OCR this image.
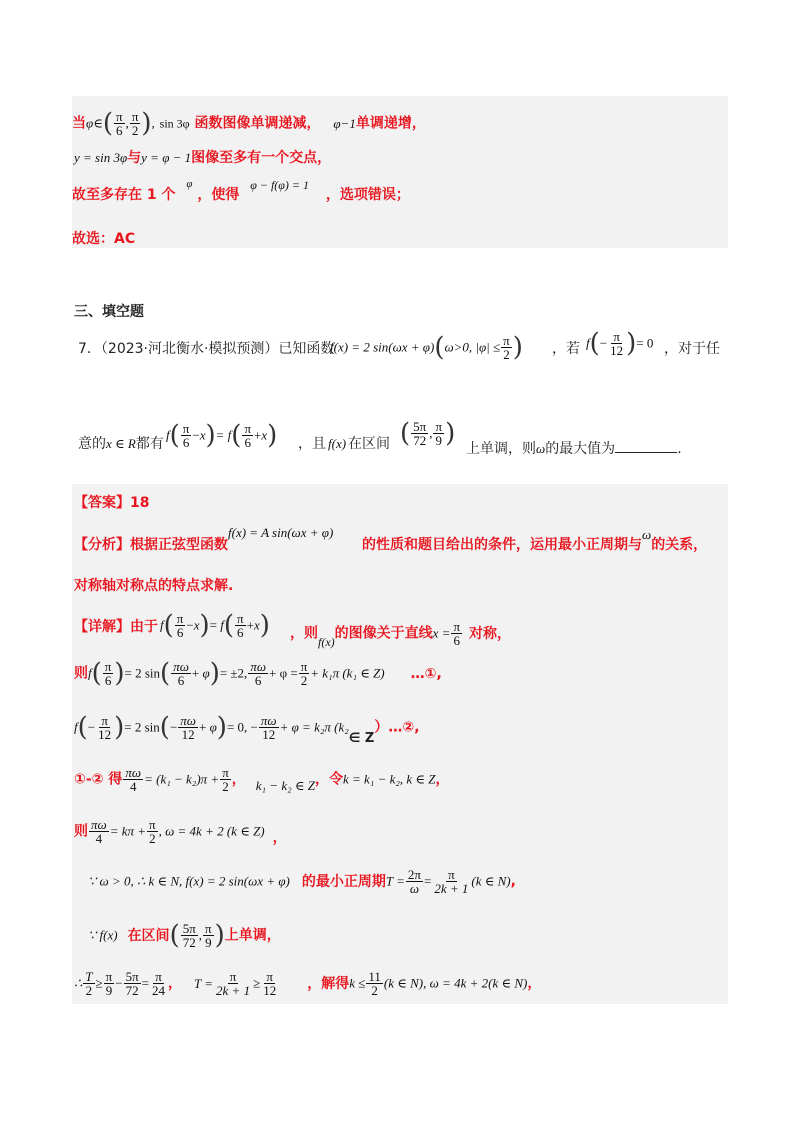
当φ∈( $\frac{\pi}{6}$ , $\frac{\pi}{2}$ ), sin 3φ 函数图像单调递减， φ−1单调递增，
y = sin 3φ与y = φ − 1图像至多有一个交点，
故至多存在 1 个 $^\varphi$ ，使得 φ − f(φ) = 1 ，选项错误；
故选：AC
三、填空题
7．（2023·河北衡水·模拟预测）已知函数
f(x) = 2 sin(ωx + φ)(ω>0, $|\varphi| \le \frac{\pi}{2}$ ) ，若 $f(- \frac{\pi}{12}$ )= 0 ，对于任
意的x ∈ R都有
$f( \frac{\pi}{6} -x)= f( \frac{\pi}{6} +x)$ ，且 f(x) 在区间 ( $\frac{5\pi}{72}$ , $\frac{\pi}{9}$ )
上单调，则ω的最大值为	.
【答案】18
【分析】根据正弦型函数
f(x) = A sin(ωx + φ)
的性质和题目给出的条件，运用最小正周期与ω的关系，
对称轴对称点的特点求解.
【详解】由于 $f( \frac{\pi}{6} -x)= f( \frac{\pi}{6} +x)$ ，则f(x)的图像关于直线$x = \frac{\pi}{6}$ 对称，
则$f( \frac{\pi}{6}$ )= 2 $\sin( \frac{\pi\omega}{6} + \varphi)= \pm 2$, $\frac{\pi\omega}{6} + \varphi = \frac{\pi}{2} + k_1\pi$ (k₁ ∈ Z) …①,
$f(- \frac{\pi}{12}$ )= 2 $\sin(- \frac{\pi\omega}{12} + \varphi)= 0$, − $\frac{\pi\omega}{12} + \varphi = k_2\pi$ (k₂∈ Z）…②,
①-② 得 $\frac{\pi\omega}{4} = (k_1 - k_2)\pi + \frac{\pi}{2}$ ， k₁ − k₂ ∈ Z，令k = k₁ − k₂, k ∈ Z，
则 $\frac{\pi\omega}{4} = k\pi + \frac{\pi}{2}$ , ω = 4k + 2 (k ∈ Z) ，
∵ ω > 0, ∴ k ∈ N, f(x) = 2 sin(ωx + φ) 的最小正周期$T = \frac{2\pi}{\omega} = \frac{\pi}{2k + 1} (k$ ∈ N),
∵ f(x) 在区间( $\frac{5\pi}{72}$ , $\frac{\pi}{9}$ )上单调，
∴ $\frac{T}{2} \ge \frac{\pi}{9} - \frac{5\pi}{72} = \frac{\pi}{24}$ ， $T = \frac{\pi}{2k + 1} \ge \frac{\pi}{12}$ ，解得$k \le \frac{11}{2} (k$ ∈ N), ω = 4k + 2(k ∈ N)，
